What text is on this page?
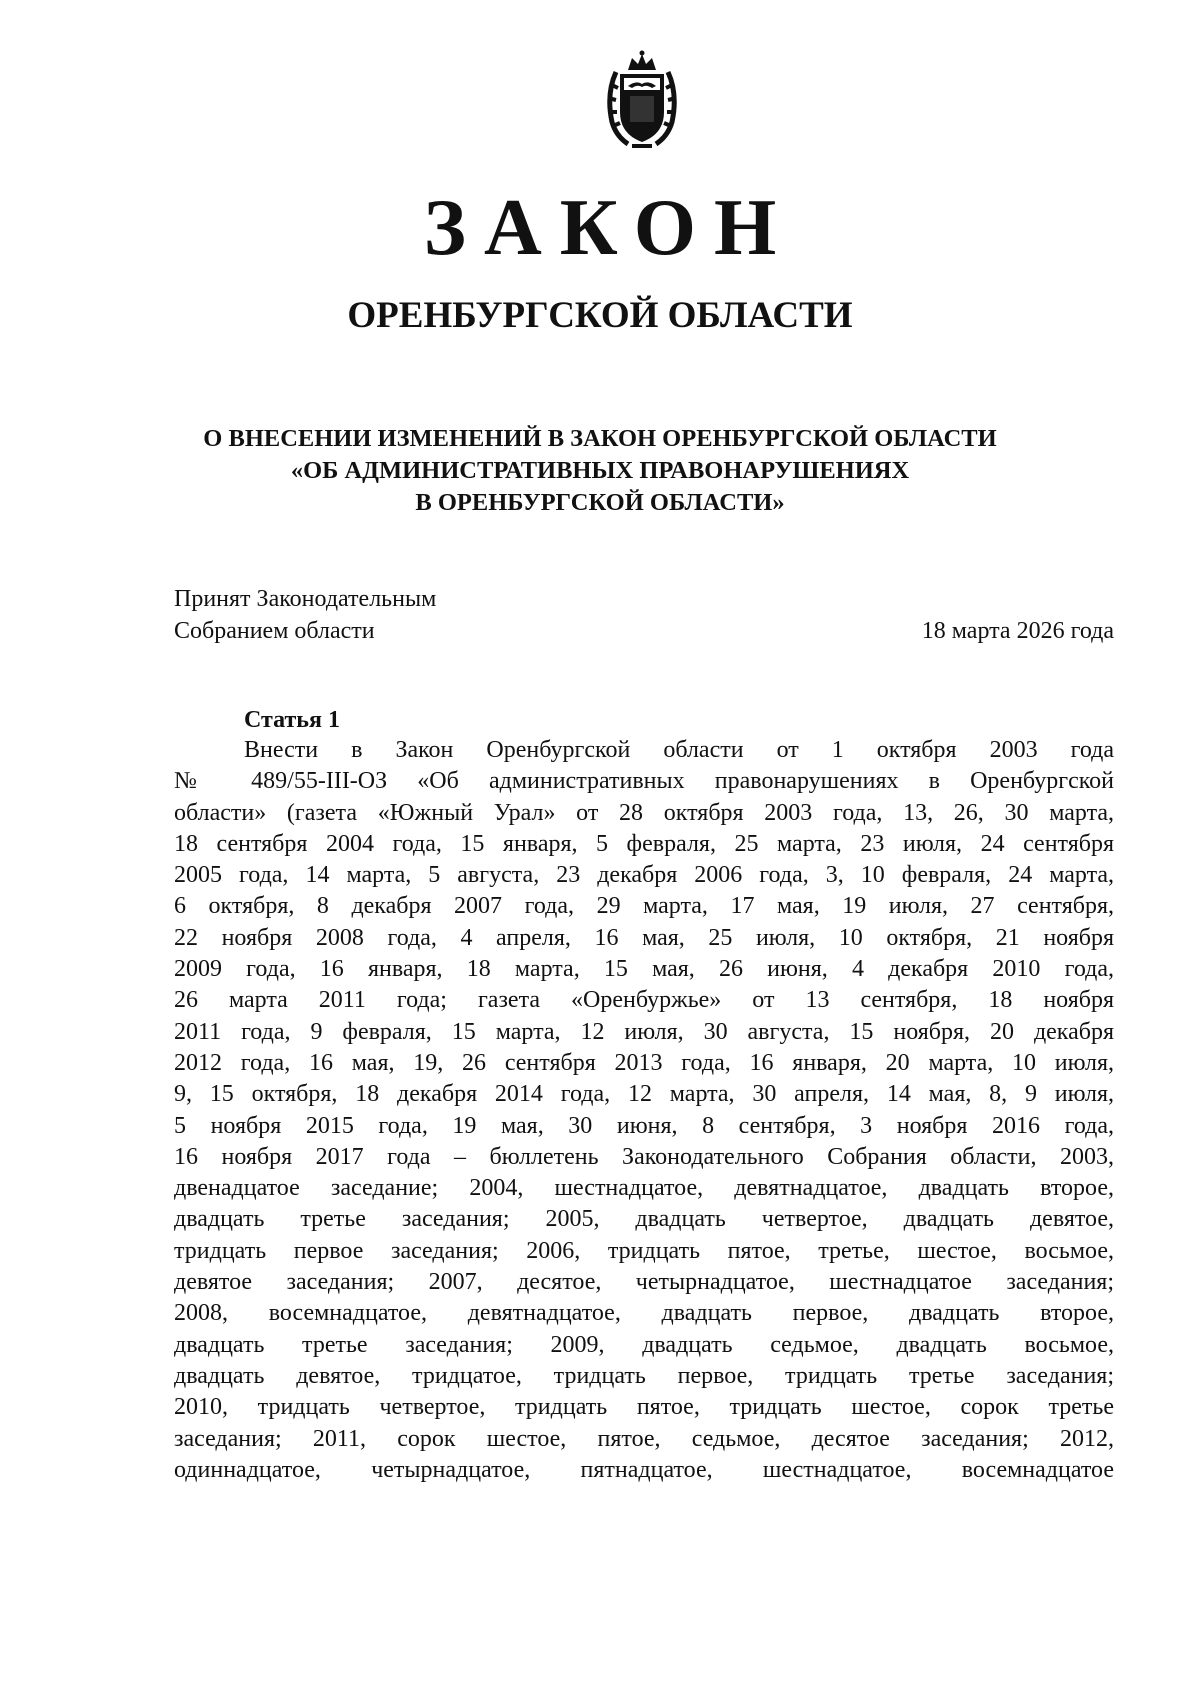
ЗАКОН
ОРЕНБУРГСКОЙ ОБЛАСТИ
О ВНЕСЕНИИ ИЗМЕНЕНИЙ В ЗАКОН ОРЕНБУРГСКОЙ ОБЛАСТИ
«ОБ АДМИНИСТРАТИВНЫХ ПРАВОНАРУШЕНИЯХ
В ОРЕНБУРГСКОЙ ОБЛАСТИ»
Принят Законодательным
Собранием области	18 марта 2026 года
Статья 1
Внести в Закон Оренбургской области от 1 октября 2003 года
№ 489/55-III-ОЗ «Об административных правонарушениях в Оренбургской
области» (газета «Южный Урал» от 28 октября 2003 года, 13, 26, 30 марта,
18 сентября 2004 года, 15 января, 5 февраля, 25 марта, 23 июля, 24 сентября
2005 года, 14 марта, 5 августа, 23 декабря 2006 года, 3, 10 февраля, 24 марта,
6 октября, 8 декабря 2007 года, 29 марта, 17 мая, 19 июля, 27 сентября,
22 ноября 2008 года, 4 апреля, 16 мая, 25 июля, 10 октября, 21 ноября
2009 года, 16 января, 18 марта, 15 мая, 26 июня, 4 декабря 2010 года,
26 марта 2011 года; газета «Оренбуржье» от 13 сентября, 18 ноября
2011 года, 9 февраля, 15 марта, 12 июля, 30 августа, 15 ноября, 20 декабря
2012 года, 16 мая, 19, 26 сентября 2013 года, 16 января, 20 марта, 10 июля,
9, 15 октября, 18 декабря 2014 года, 12 марта, 30 апреля, 14 мая, 8, 9 июля,
5 ноября 2015 года, 19 мая, 30 июня, 8 сентября, 3 ноября 2016 года,
16 ноября 2017 года – бюллетень Законодательного Собрания области, 2003,
двенадцатое заседание; 2004, шестнадцатое, девятнадцатое, двадцать второе,
двадцать третье заседания; 2005, двадцать четвертое, двадцать девятое,
тридцать первое заседания; 2006, тридцать пятое, третье, шестое, восьмое,
девятое заседания; 2007, десятое, четырнадцатое, шестнадцатое заседания;
2008, восемнадцатое, девятнадцатое, двадцать первое, двадцать второе,
двадцать третье заседания; 2009, двадцать седьмое, двадцать восьмое,
двадцать девятое, тридцатое, тридцать первое, тридцать третье заседания;
2010, тридцать четвертое, тридцать пятое, тридцать шестое, сорок третье
заседания; 2011, сорок шестое, пятое, седьмое, десятое заседания; 2012,
одиннадцатое, четырнадцатое, пятнадцатое, шестнадцатое, восемнадцатое
